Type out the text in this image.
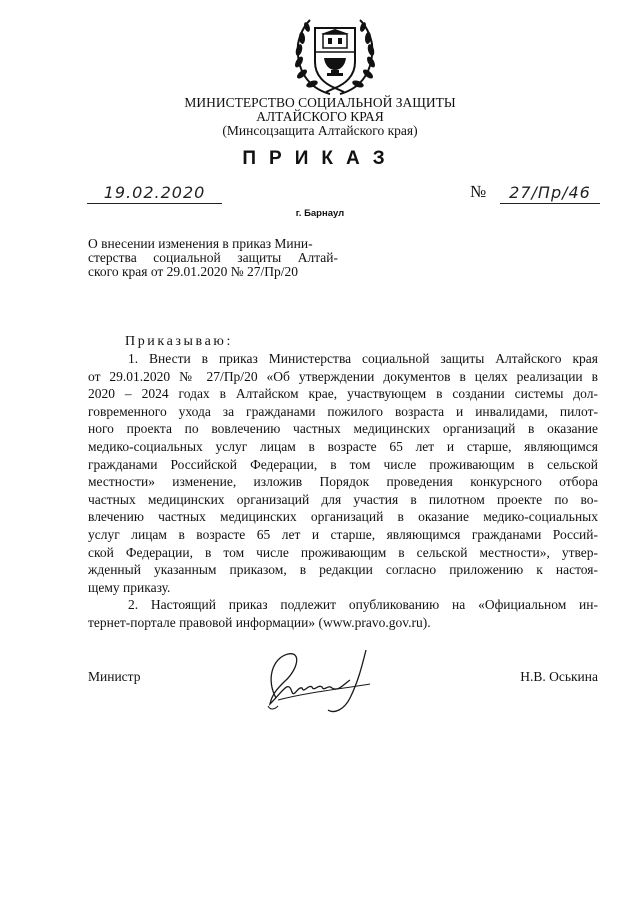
МИНИСТЕРСТВО СОЦИАЛЬНОЙ ЗАЩИТЫ
АЛТАЙСКОГО КРАЯ
(Минсоцзащита Алтайского края)
ПРИКАЗ
19.02.2020	№	27/Пр/46
г. Барнаул
О внесении изменения в приказ Мини-
стерства социальной защиты Алтай-
ского края от 29.01.2020 № 27/Пр/20
Приказываю:
1. Внести в приказ Министерства социальной защиты Алтайского края
от 29.01.2020 № 27/Пр/20 «Об утверждении документов в целях реализации в
2020 – 2024 годах в Алтайском крае, участвующем в создании системы дол-
говременного ухода за гражданами пожилого возраста и инвалидами, пилот-
ного проекта по вовлечению частных медицинских организаций в оказание
медико-социальных услуг лицам в возрасте 65 лет и старше, являющимся
гражданами Российской Федерации, в том числе проживающим в сельской
местности» изменение, изложив Порядок проведения конкурсного отбора
частных медицинских организаций для участия в пилотном проекте по во-
влечению частных медицинских организаций в оказание медико-социальных
услуг лицам в возрасте 65 лет и старше, являющимся гражданами Россий-
ской Федерации, в том числе проживающим в сельской местности», утвер-
жденный указанным приказом, в редакции согласно приложению к настоя-
щему приказу.
2. Настоящий приказ подлежит опубликованию на «Официальном ин-
тернет-портале правовой информации» (www.pravo.gov.ru).
Министр	Н.В. Оськина
